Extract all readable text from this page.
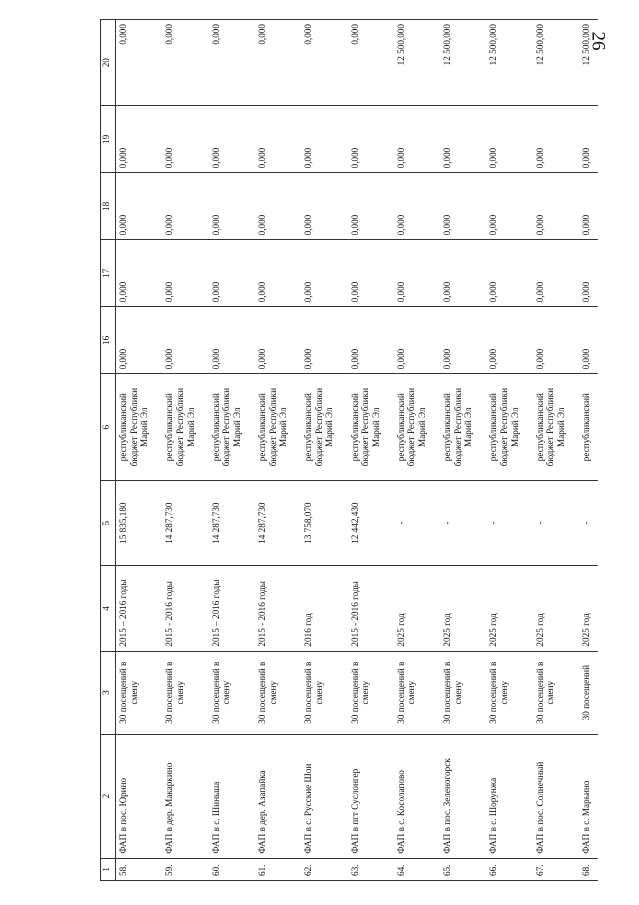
26
1	2	3	4	5	6	16	17	18	19	20
58.	ФАП в пос. Юрино	30 посещений в смену	2015 – 2016 годы	15 835,180	республиканский бюджет Республики Марий Эл	0,000	0,000	0,000	0,000	0,000
59.	ФАП в дер. Макаркино	30 посещений в смену	2015 - 2016 годы	14 287,730	республиканский бюджет Республики Марий Эл	0,000	0,000	0,000	0,000	0,000
60.	ФАП в с. Шиньша	30 посещений в смену	2015 – 2016 годы	14 287,730	республиканский бюджет Республики Марий Эл	0,000	0,000	0,000	0,000	0,000
61.	ФАП в дер. Азапайка	30 посещений в смену	2015 - 2016 годы	14 287,730	республиканский бюджет Республики Марий Эл	0,000	0,000	0,000	0,000	0,000
62.	ФАП в с. Русские Шои	30 посещений в смену	2016 год	13 758,070	республиканский бюджет Республики Марий Эл	0,000	0,000	0,000	0,000	0,000
63.	ФАП в пгт Суслонгер	30 посещений в смену	2015 - 2016 годы	12 442,430	республиканский бюджет Республики Марий Эл	0,000	0,000	0,000	0,000	0,000
64.	ФАП в с. Косолапово	30 посещений в смену	2025 год	-	республиканский бюджет Республики Марий Эл	0,000	0,000	0,000	0,000	12 500,000
65.	ФАП в пос. Зеленогорск	30 посещений в смену	2025 год	-	республиканский бюджет Республики Марий Эл	0,000	0,000	0,000	0,000	12 500,000
66.	ФАП в с. Шорунжа	30 посещений в смену	2025 год	-	республиканский бюджет Республики Марий Эл	0,000	0,000	0,000	0,000	12 500,000
67.	ФАП в пос. Солнечный	30 посещений в смену	2025 год	-	республиканский бюджет Республики Марий Эл	0,000	0,000	0,000	0,000	12 500,000
68.	ФАП в с. Марьино	30 посещений	2025 год	-	республиканский	0,000	0,000	0,000	0,000	12 500,000
